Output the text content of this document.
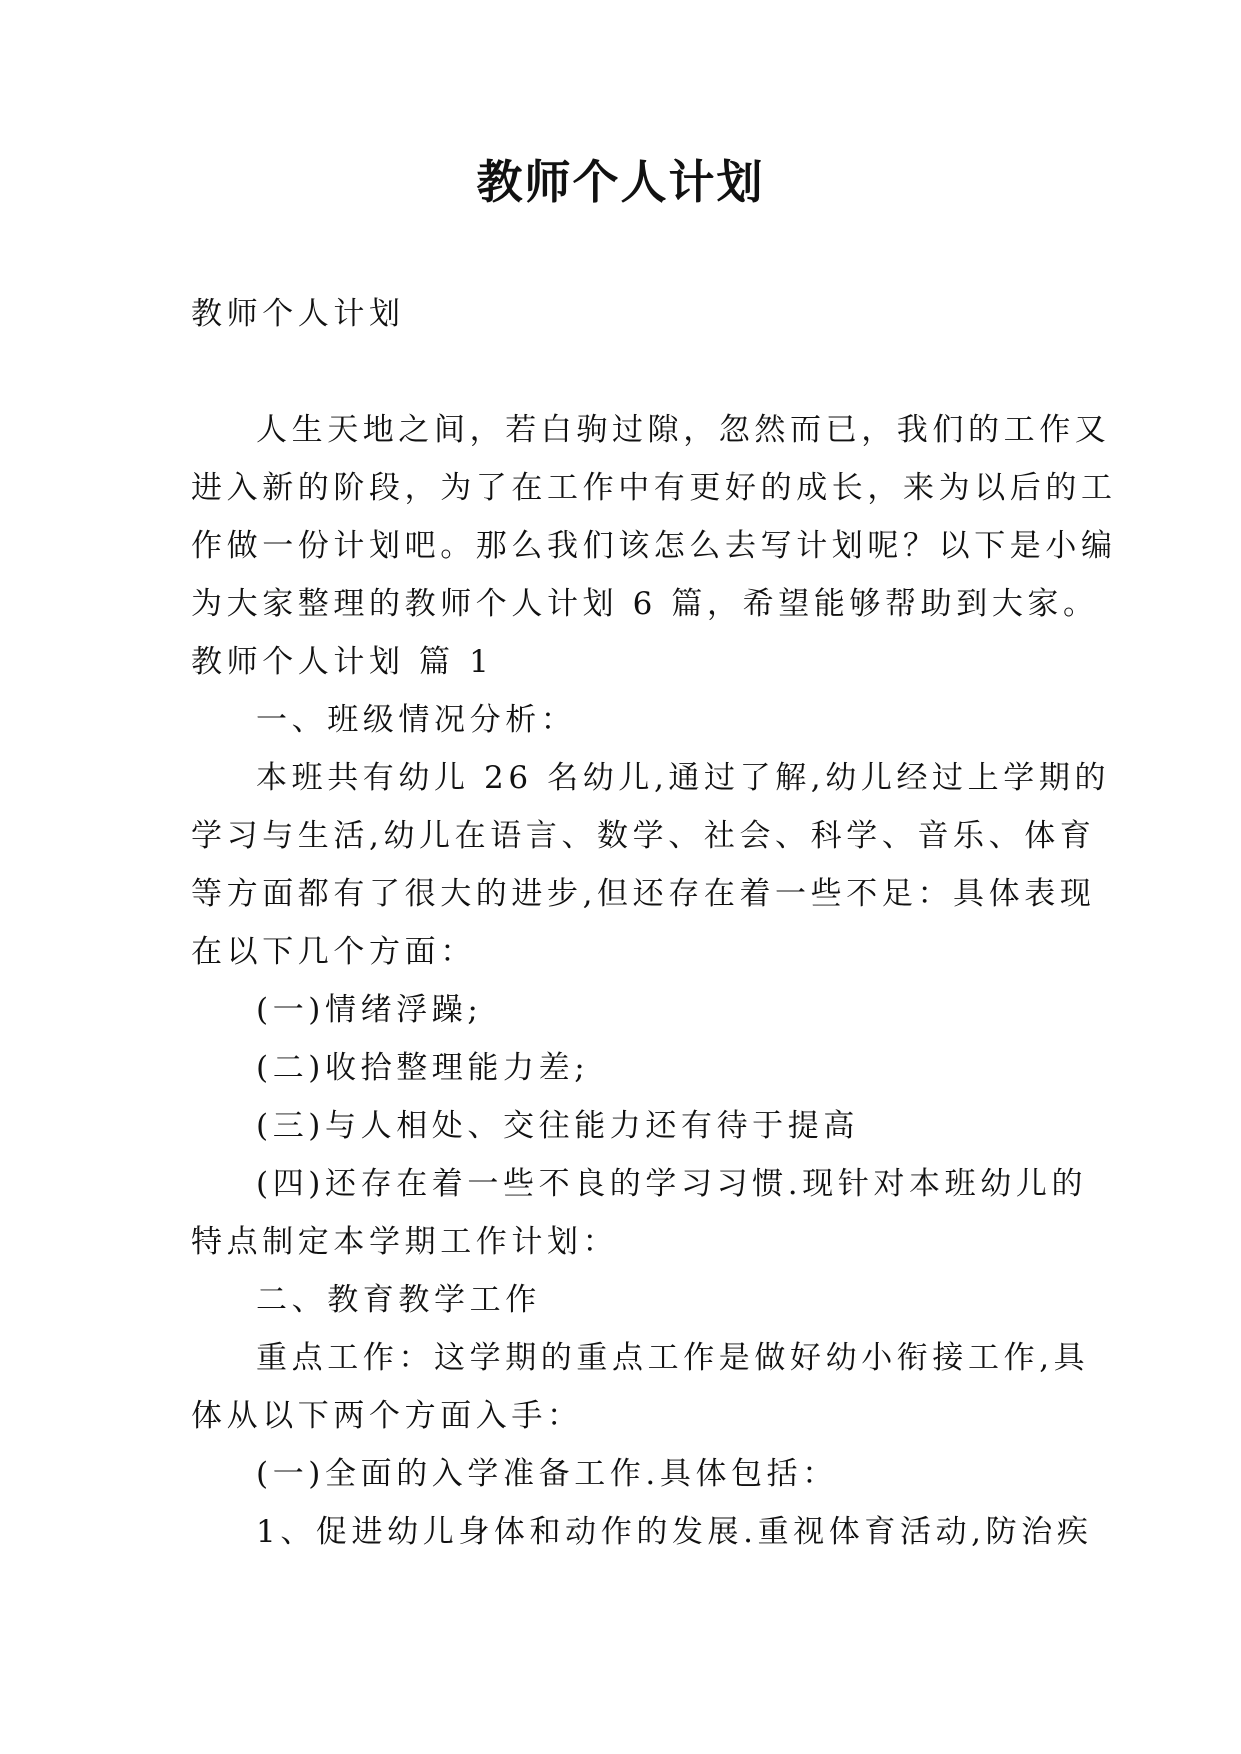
教师个人计划
教师个人计划
人生天地之间，若白驹过隙，忽然而已，我们的工作又
进入新的阶段，为了在工作中有更好的成长，来为以后的工
作做一份计划吧。那么我们该怎么去写计划呢？以下是小编
为大家整理的教师个人计划 6 篇，希望能够帮助到大家。
教师个人计划 篇 1
一、班级情况分析：
本班共有幼儿 26 名幼儿,通过了解,幼儿经过上学期的
学习与生活,幼儿在语言、数学、社会、科学、音乐、体育
等方面都有了很大的进步,但还存在着一些不足：具体表现
在以下几个方面：
(一)情绪浮躁;
(二)收拾整理能力差;
(三)与人相处、交往能力还有待于提高
(四)还存在着一些不良的学习习惯.现针对本班幼儿的
特点制定本学期工作计划：
二、教育教学工作
重点工作：这学期的重点工作是做好幼小衔接工作,具
体从以下两个方面入手：
(一)全面的入学准备工作.具体包括：
1、促进幼儿身体和动作的发展.重视体育活动,防治疾
